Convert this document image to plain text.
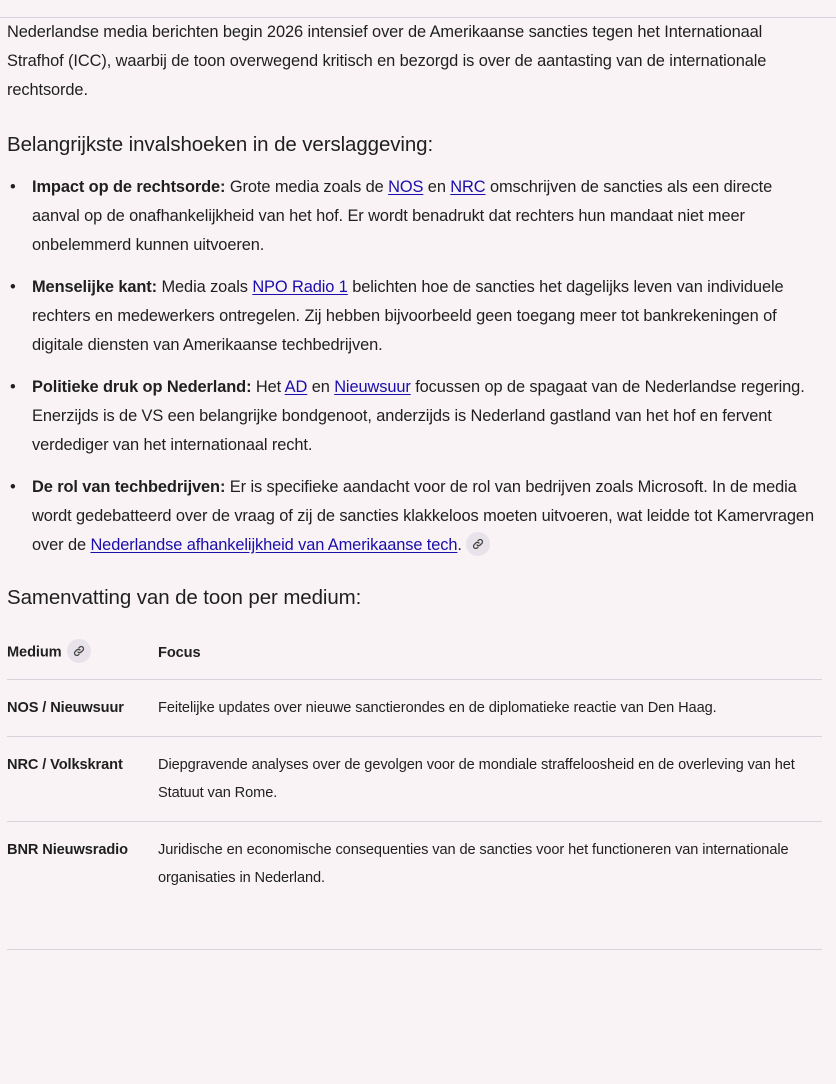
Nederlandse media berichten begin 2026 intensief over de Amerikaanse sancties tegen het Internationaal Strafhof (ICC), waarbij de toon overwegend kritisch en bezorgd is over de aantasting van de internationale rechtsorde.

Belangrijkste invalshoeken in de verslaggeving:
• Impact op de rechtsorde: Grote media zoals de NOS en NRC omschrijven de sancties als een directe aanval op de onafhankelijkheid van het hof. Er wordt benadrukt dat rechters hun mandaat niet meer onbelemmerd kunnen uitvoeren.
• Menselijke kant: Media zoals NPO Radio 1 belichten hoe de sancties het dagelijks leven van individuele rechters en medewerkers ontregelen. Zij hebben bijvoorbeeld geen toegang meer tot bankrekeningen of digitale diensten van Amerikaanse techbedrijven.
• Politieke druk op Nederland: Het AD en Nieuwsuur focussen op de spagaat van de Nederlandse regering. Enerzijds is de VS een belangrijke bondgenoot, anderzijds is Nederland gastland van het hof en fervent verdediger van het internationaal recht.
• De rol van techbedrijven: Er is specifieke aandacht voor de rol van bedrijven zoals Microsoft. In de media wordt gedebatteerd over de vraag of zij de sancties klakkeloos moeten uitvoeren, wat leidde tot Kamervragen over de Nederlandse afhankelijkheid van Amerikaanse tech.
Samenvatting van de toon per medium:
Medium	Focus
NOS / Nieuwsuur	Feitelijke updates over nieuwe sanctierondes en de diplomatieke reactie van Den Haag.
NRC / Volkskrant	Diepgravende analyses over de gevolgen voor de mondiale straffeloosheid en de overleving van het Statuut van Rome.
BNR Nieuwsradio	Juridische en economische consequenties van de sancties voor het functioneren van internationale organisaties in Nederland.
